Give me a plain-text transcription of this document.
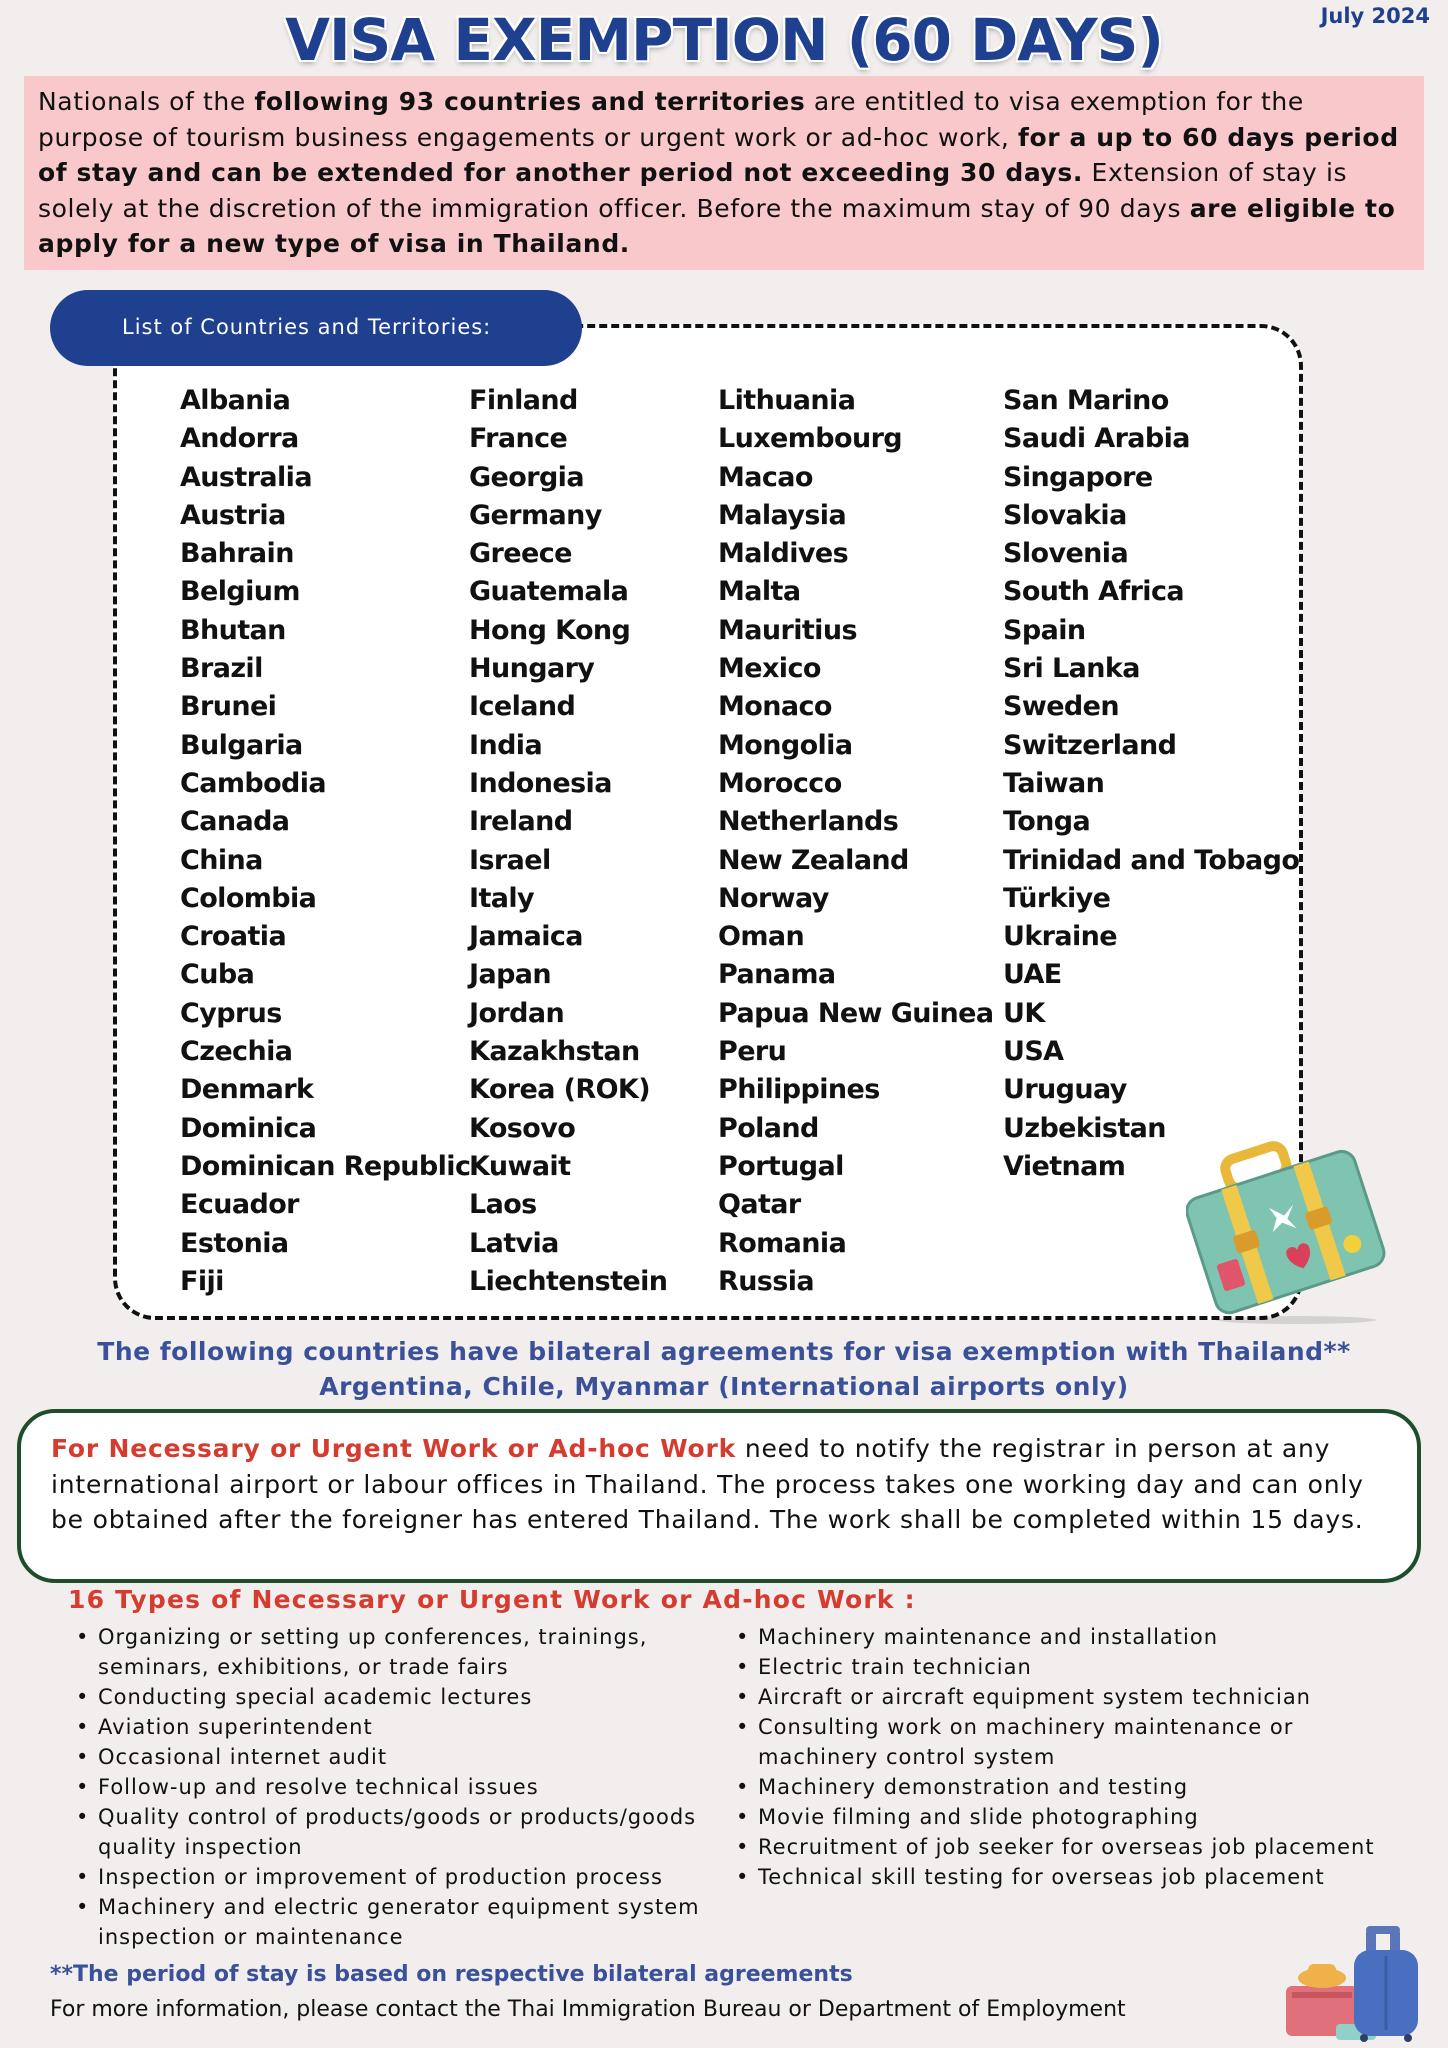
VISA EXEMPTION (60 DAYS)	July 2024
Nationals of the following 93 countries and territories are entitled to visa exemption for the purpose of tourism business engagements or urgent work or ad-hoc work, for a up to 60 days period of stay and can be extended for another period not exceeding 30 days. Extension of stay is solely at the discretion of the immigration officer. Before the maximum stay of 90 days are eligible to apply for a new type of visa in Thailand.
List of Countries and Territories:
Albania
Andorra
Australia
Austria
Bahrain
Belgium
Bhutan
Brazil
Brunei
Bulgaria
Cambodia
Canada
China
Colombia
Croatia
Cuba
Cyprus
Czechia
Denmark
Dominica
Dominican Republic
Ecuador
Estonia
Fiji
Finland
France
Georgia
Germany
Greece
Guatemala
Hong Kong
Hungary
Iceland
India
Indonesia
Ireland
Israel
Italy
Jamaica
Japan
Jordan
Kazakhstan
Korea (ROK)
Kosovo
Kuwait
Laos
Latvia
Liechtenstein
Lithuania
Luxembourg
Macao
Malaysia
Maldives
Malta
Mauritius
Mexico
Monaco
Mongolia
Morocco
Netherlands
New Zealand
Norway
Oman
Panama
Papua New Guinea
Peru
Philippines
Poland
Portugal
Qatar
Romania
Russia
San Marino
Saudi Arabia
Singapore
Slovakia
Slovenia
South Africa
Spain
Sri Lanka
Sweden
Switzerland
Taiwan
Tonga
Trinidad and Tobago
Türkiye
Ukraine
UAE
UK
USA
Uruguay
Uzbekistan
Vietnam
The following countries have bilateral agreements for visa exemption with Thailand**
Argentina, Chile, Myanmar (International airports only)
For Necessary or Urgent Work or Ad-hoc Work need to notify the registrar in person at any international airport or labour offices in Thailand. The process takes one working day and can only be obtained after the foreigner has entered Thailand. The work shall be completed within 15 days.
16 Types of Necessary or Urgent Work or Ad-hoc Work :
• Organizing or setting up conferences, trainings, seminars, exhibitions, or trade fairs
• Conducting special academic lectures
• Aviation superintendent
• Occasional internet audit
• Follow-up and resolve technical issues
• Quality control of products/goods or products/goods quality inspection
• Inspection or improvement of production process
• Machinery and electric generator equipment system inspection or maintenance
• Machinery maintenance and installation
• Electric train technician
• Aircraft or aircraft equipment system technician
• Consulting work on machinery maintenance or machinery control system
• Machinery demonstration and testing
• Movie filming and slide photographing
• Recruitment of job seeker for overseas job placement
• Technical skill testing for overseas job placement
**The period of stay is based on respective bilateral agreements
For more information, please contact the Thai Immigration Bureau or Department of Employment
